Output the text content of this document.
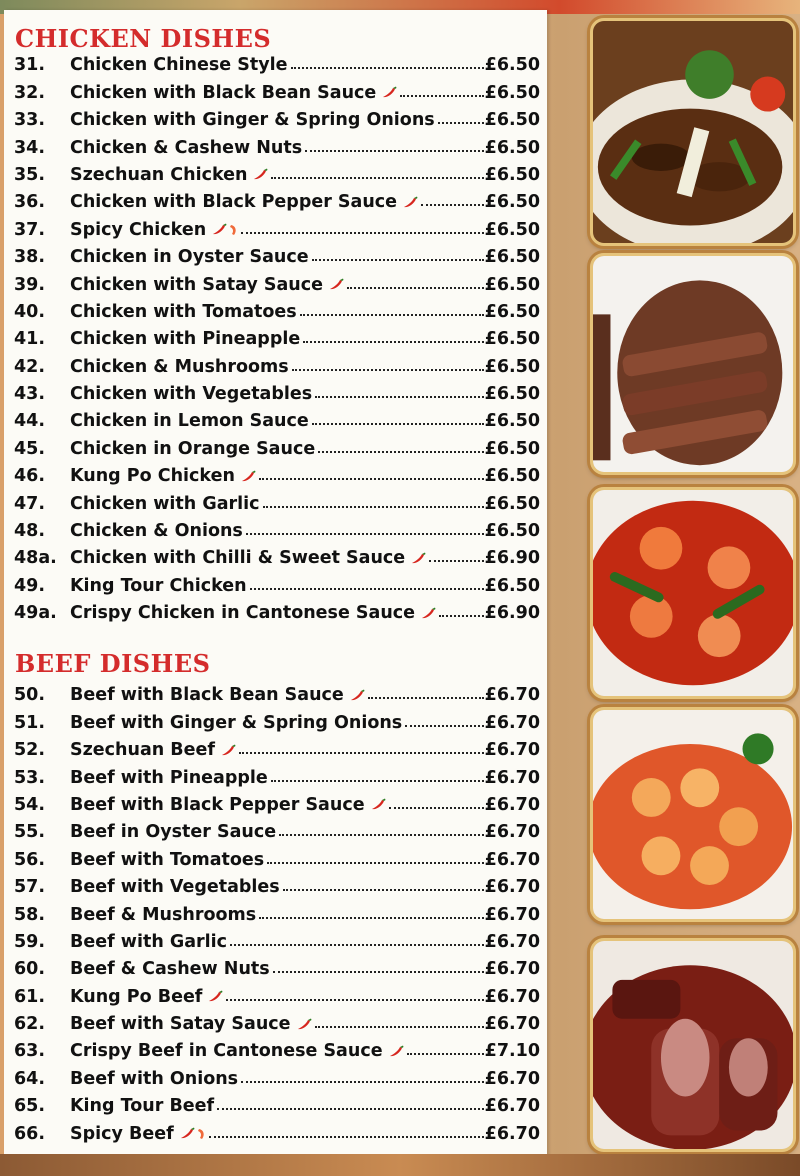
CHICKEN DISHES
31.	Chicken Chinese Style	£6.50
32.	Chicken with Black Bean Sauce	£6.50
33.	Chicken with Ginger & Spring Onions	£6.50
34.	Chicken & Cashew Nuts	£6.50
35.	Szechuan Chicken	£6.50
36.	Chicken with Black Pepper Sauce	£6.50
37.	Spicy Chicken	£6.50
38.	Chicken in Oyster Sauce	£6.50
39.	Chicken with Satay Sauce	£6.50
40.	Chicken with Tomatoes	£6.50
41.	Chicken with Pineapple	£6.50
42.	Chicken & Mushrooms	£6.50
43.	Chicken with Vegetables	£6.50
44.	Chicken in Lemon Sauce	£6.50
45.	Chicken in Orange Sauce	£6.50
46.	Kung Po Chicken	£6.50
47.	Chicken with Garlic	£6.50
48.	Chicken & Onions	£6.50
48a. Chicken with Chilli & Sweet Sauce	£6.90
49.	King Tour Chicken	£6.50
49a. Crispy Chicken in Cantonese Sauce	£6.90
BEEF DISHES
50.	Beef with Black Bean Sauce	£6.70
51.	Beef with Ginger & Spring Onions	£6.70
52.	Szechuan Beef	£6.70
53.	Beef with Pineapple	£6.70
54.	Beef with Black Pepper Sauce	£6.70
55.	Beef in Oyster Sauce	£6.70
56.	Beef with Tomatoes	£6.70
57.	Beef with Vegetables	£6.70
58.	Beef & Mushrooms	£6.70
59.	Beef with Garlic	£6.70
60.	Beef & Cashew Nuts	£6.70
61.	Kung Po Beef	£6.70
62.	Beef with Satay Sauce	£6.70
63.	Crispy Beef in Cantonese Sauce	£7.10
64.	Beef with Onions	£6.70
65.	King Tour Beef	£6.70
66.	Spicy Beef	£6.70
